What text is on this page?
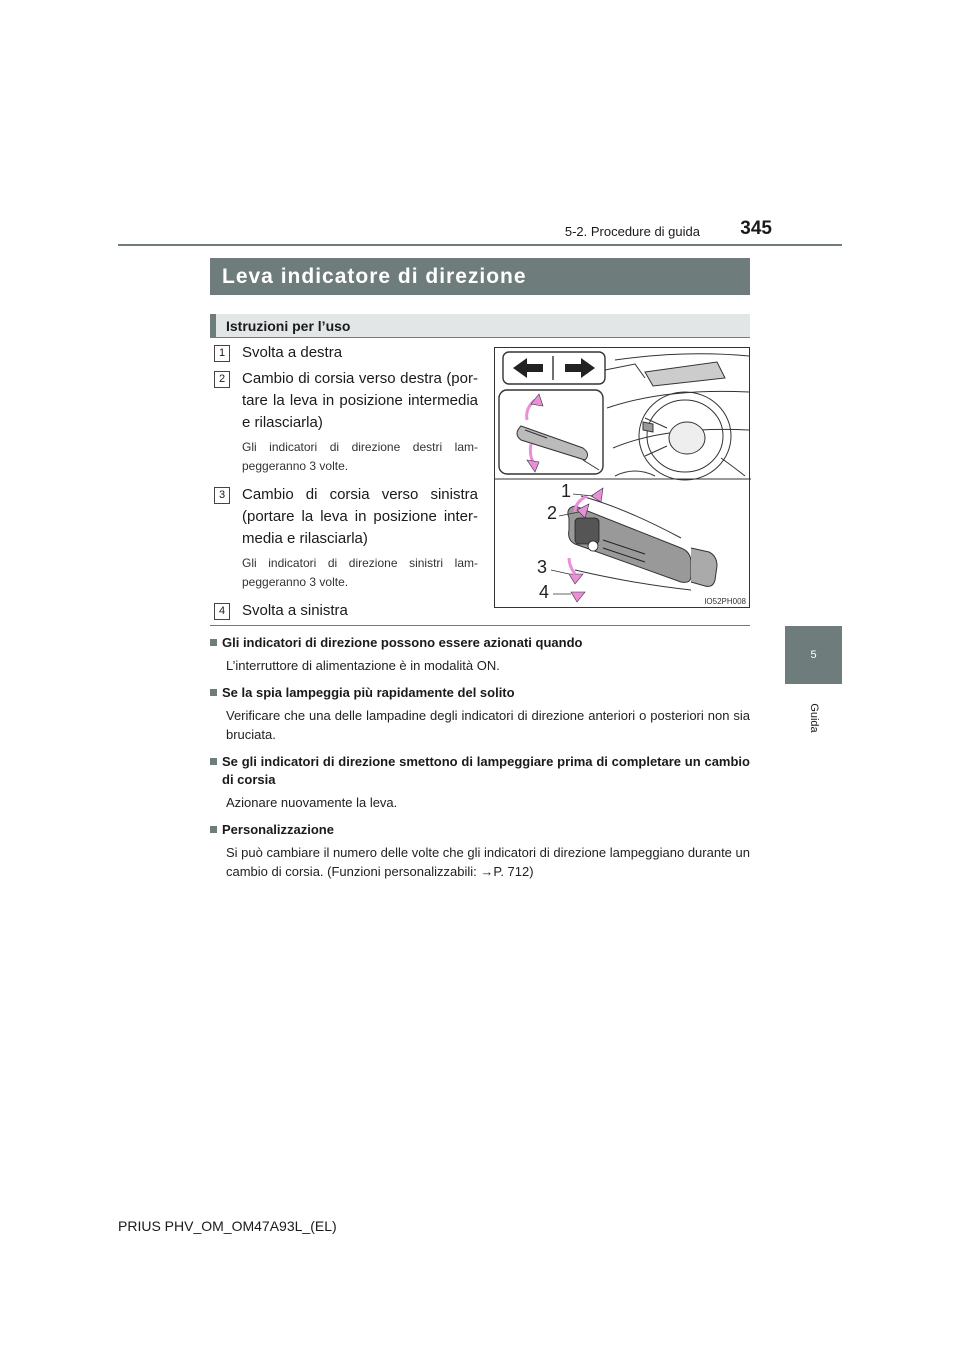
5-2. Procedure di guida	345
5
Guida
Leva indicatore di direzione
Istruzioni per l’uso
1	Svolta a destra
2	Cambio di corsia verso destra (por-tare la leva in posizione intermedia e rilasciarla)
Gli indicatori di direzione destri lam-peggeranno 3 volte.
3	Cambio di corsia verso sinistra (portare la leva in posizione inter-media e rilasciarla)
Gli indicatori di direzione sinistri lam-peggeranno 3 volte.
4	Svolta a sinistra
1
2
3
4	IO52PH008
Gli indicatori di direzione possono essere azionati quando
L’interruttore di alimentazione è in modalità ON.
Se la spia lampeggia più rapidamente del solito
Verificare che una delle lampadine degli indicatori di direzione anteriori o posteriori non sia bruciata.
Se gli indicatori di direzione smettono di lampeggiare prima di completare un cambio di corsia
Azionare nuovamente la leva.
Personalizzazione
Si può cambiare il numero delle volte che gli indicatori di direzione lampeggiano durante un cambio di corsia. (Funzioni personalizzabili: →P. 712)
PRIUS PHV_OM_OM47A93L_(EL)
